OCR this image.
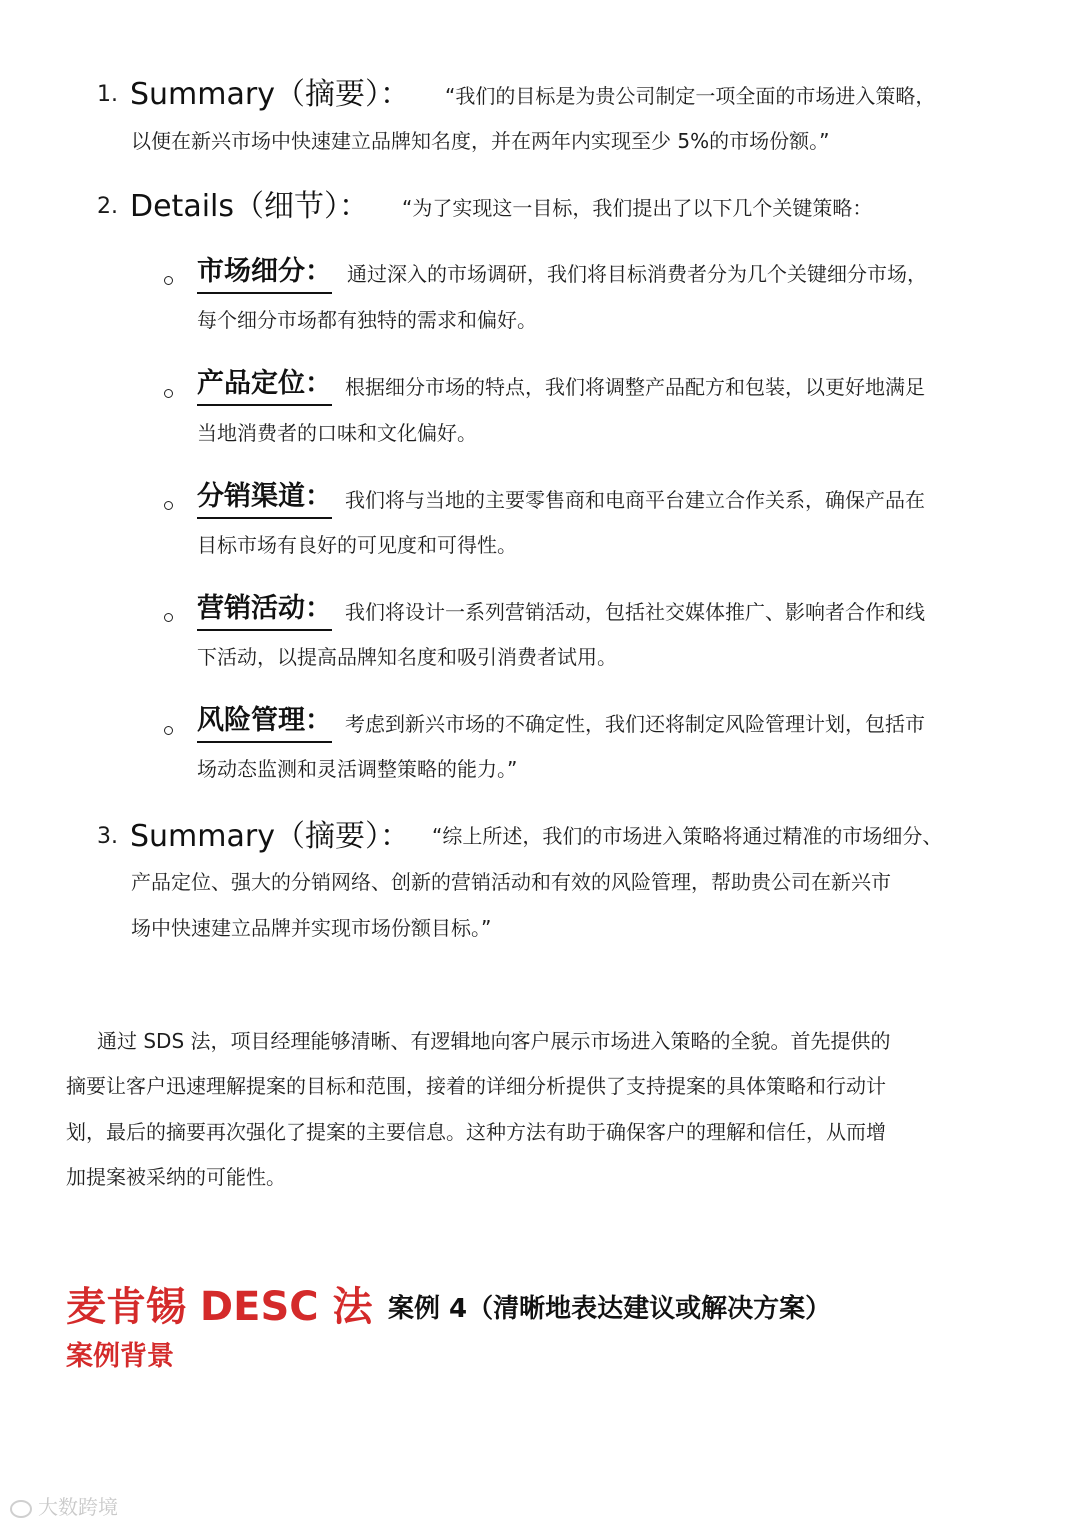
1. Summary（摘要）： “我们的目标是为贵公司制定一项全面的市场进入策略，
以便在新兴市场中快速建立品牌知名度，并在两年内实现至少 5%的市场份额。”
2. Details（细节）： “为了实现这一目标，我们提出了以下几个关键策略：
市场细分： 通过深入的市场调研，我们将目标消费者分为几个关键细分市场，
每个细分市场都有独特的需求和偏好。
产品定位： 根据细分市场的特点，我们将调整产品配方和包装，以更好地满足
当地消费者的口味和文化偏好。
分销渠道： 我们将与当地的主要零售商和电商平台建立合作关系，确保产品在
目标市场有良好的可见度和可得性。
营销活动： 我们将设计一系列营销活动，包括社交媒体推广、影响者合作和线
下活动，以提高品牌知名度和吸引消费者试用。
风险管理： 考虑到新兴市场的不确定性，我们还将制定风险管理计划，包括市
场动态监测和灵活调整策略的能力。”
3. Summary（摘要）： “综上所述，我们的市场进入策略将通过精准的市场细分、
产品定位、强大的分销网络、创新的营销活动和有效的风险管理，帮助贵公司在新兴市
场中快速建立品牌并实现市场份额目标。”
通过 SDS 法，项目经理能够清晰、有逻辑地向客户展示市场进入策略的全貌。首先提供的
摘要让客户迅速理解提案的目标和范围，接着的详细分析提供了支持提案的具体策略和行动计
划，最后的摘要再次强化了提案的主要信息。这种方法有助于确保客户的理解和信任，从而增
加提案被采纳的可能性。
麦肯锡 DESC 法 案例 4（清晰地表达建议或解决方案）
案例背景
大数跨境
